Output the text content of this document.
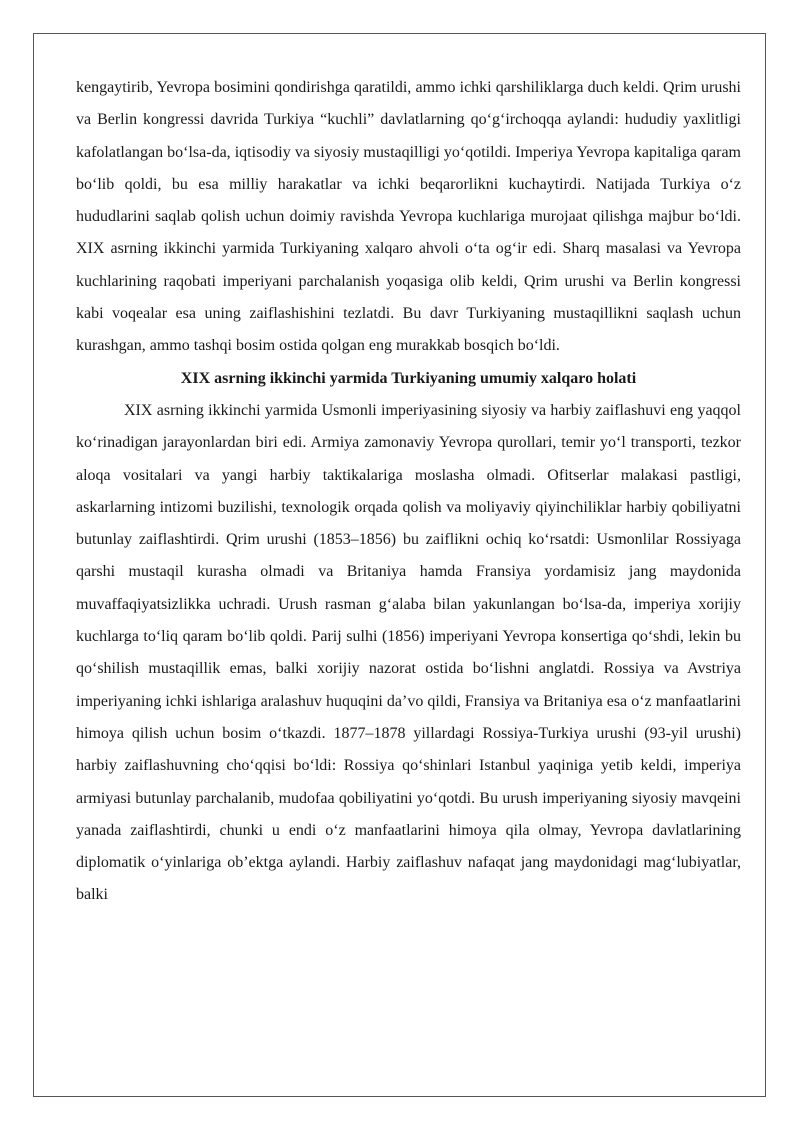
kengaytirib, Yevropa bosimini qondirishga qaratildi, ammo ichki qarshiliklarga duch keldi. Qrim urushi va Berlin kongressi davrida Turkiya “kuchli” davlatlarning qo‘g‘irchoqqa aylandi: hududiy yaxlitligi kafolatlangan bo‘lsa-da, iqtisodiy va siyosiy mustaqilligi yo‘qotildi. Imperiya Yevropa kapitaliga qaram bo‘lib qoldi, bu esa milliy harakatlar va ichki beqarorlikni kuchaytirdi. Natijada Turkiya o‘z hududlarini saqlab qolish uchun doimiy ravishda Yevropa kuchlariga murojaat qilishga majbur bo‘ldi. XIX asrning ikkinchi yarmida Turkiyaning xalqaro ahvoli o‘ta og‘ir edi. Sharq masalasi va Yevropa kuchlarining raqobati imperiyani parchalanish yoqasiga olib keldi, Qrim urushi va Berlin kongressi kabi voqealar esa uning zaiflashishini tezlatdi. Bu davr Turkiyaning mustaqillikni saqlash uchun kurashgan, ammo tashqi bosim ostida qolgan eng murakkab bosqich bo‘ldi.

XIX asrning ikkinchi yarmida Turkiyaning umumiy xalqaro holati

XIX asrning ikkinchi yarmida Usmonli imperiyasining siyosiy va harbiy zaiflashuvi eng yaqqol ko‘rinadigan jarayonlardan biri edi. Armiya zamonaviy Yevropa qurollari, temir yo‘l transporti, tezkor aloqa vositalari va yangi harbiy taktikalariga moslasha olmadi. Ofitserlar malakasi pastligi, askarlarning intizomi buzilishi, texnologik orqada qolish va moliyaviy qiyinchiliklar harbiy qobiliyatni butunlay zaiflashtirdi. Qrim urushi (1853–1856) bu zaiflikni ochiq ko‘rsatdi: Usmonlilar Rossiyaga qarshi mustaqil kurasha olmadi va Britaniya hamda Fransiya yordamisiz jang maydonida muvaffaqiyatsizlikka uchradi. Urush rasman g‘alaba bilan yakunlangan bo‘lsa-da, imperiya xorijiy kuchlarga to‘liq qaram bo‘lib qoldi. Parij sulhi (1856) imperiyani Yevropa konsertiga qo‘shdi, lekin bu qo‘shilish mustaqillik emas, balki xorijiy nazorat ostida bo‘lishni anglatdi. Rossiya va Avstriya imperiyaning ichki ishlariga aralashuv huquqini da’vo qildi, Fransiya va Britaniya esa o‘z manfaatlarini himoya qilish uchun bosim o‘tkazdi. 1877–1878 yillardagi Rossiya-Turkiya urushi (93-yil urushi) harbiy zaiflashuvning cho‘qqisi bo‘ldi: Rossiya qo‘shinlari Istanbul yaqiniga yetib keldi, imperiya armiyasi butunlay parchalanib, mudofaa qobiliyatini yo‘qotdi. Bu urush imperiyaning siyosiy mavqeini yanada zaiflashtirdi, chunki u endi o‘z manfaatlarini himoya qila olmay, Yevropa davlatlarining diplomatik o‘yinlariga ob’ektga aylandi. Harbiy zaiflashuv nafaqat jang maydonidagi mag‘lubiyatlar, balki
